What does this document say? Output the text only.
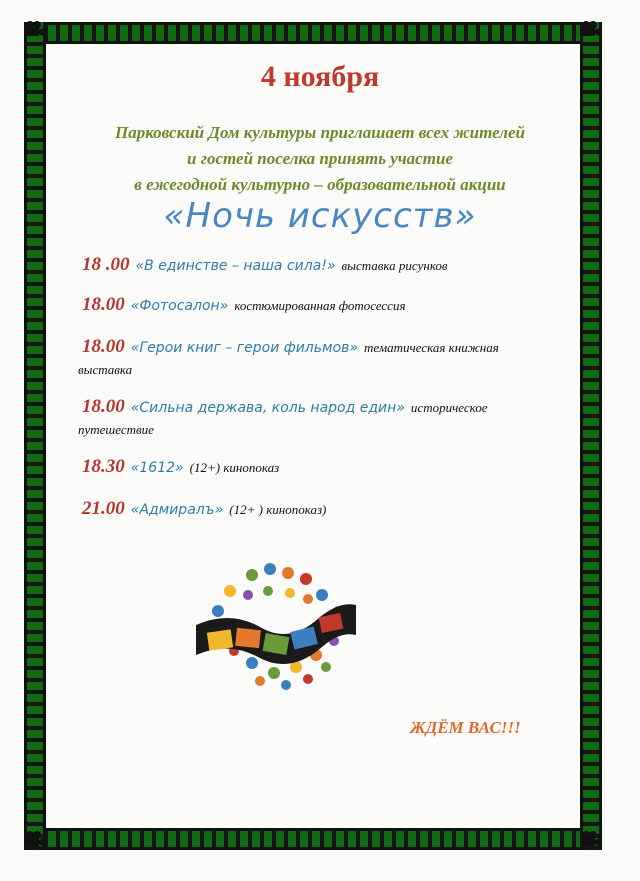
4 ноября
Парковский Дом культуры приглашает всех жителей
и гостей поселка принять участие
в ежегодной культурно – образовательной акции
«Ночь искусств»
18 .00 «В единстве – наша сила!» выставка рисунков
18.00 «Фотосалон» костюмированная фотосессия
18.00 «Герои книг – герои фильмов» тематическая книжная
выставка
18.00 «Сильна держава, коль народ един» историческое
путешествие
18.30 «1612» (12+) кинопоказ
21.00 «Адмиралъ» (12+ ) кинопоказ)
ЖДЁМ ВАС!!!
